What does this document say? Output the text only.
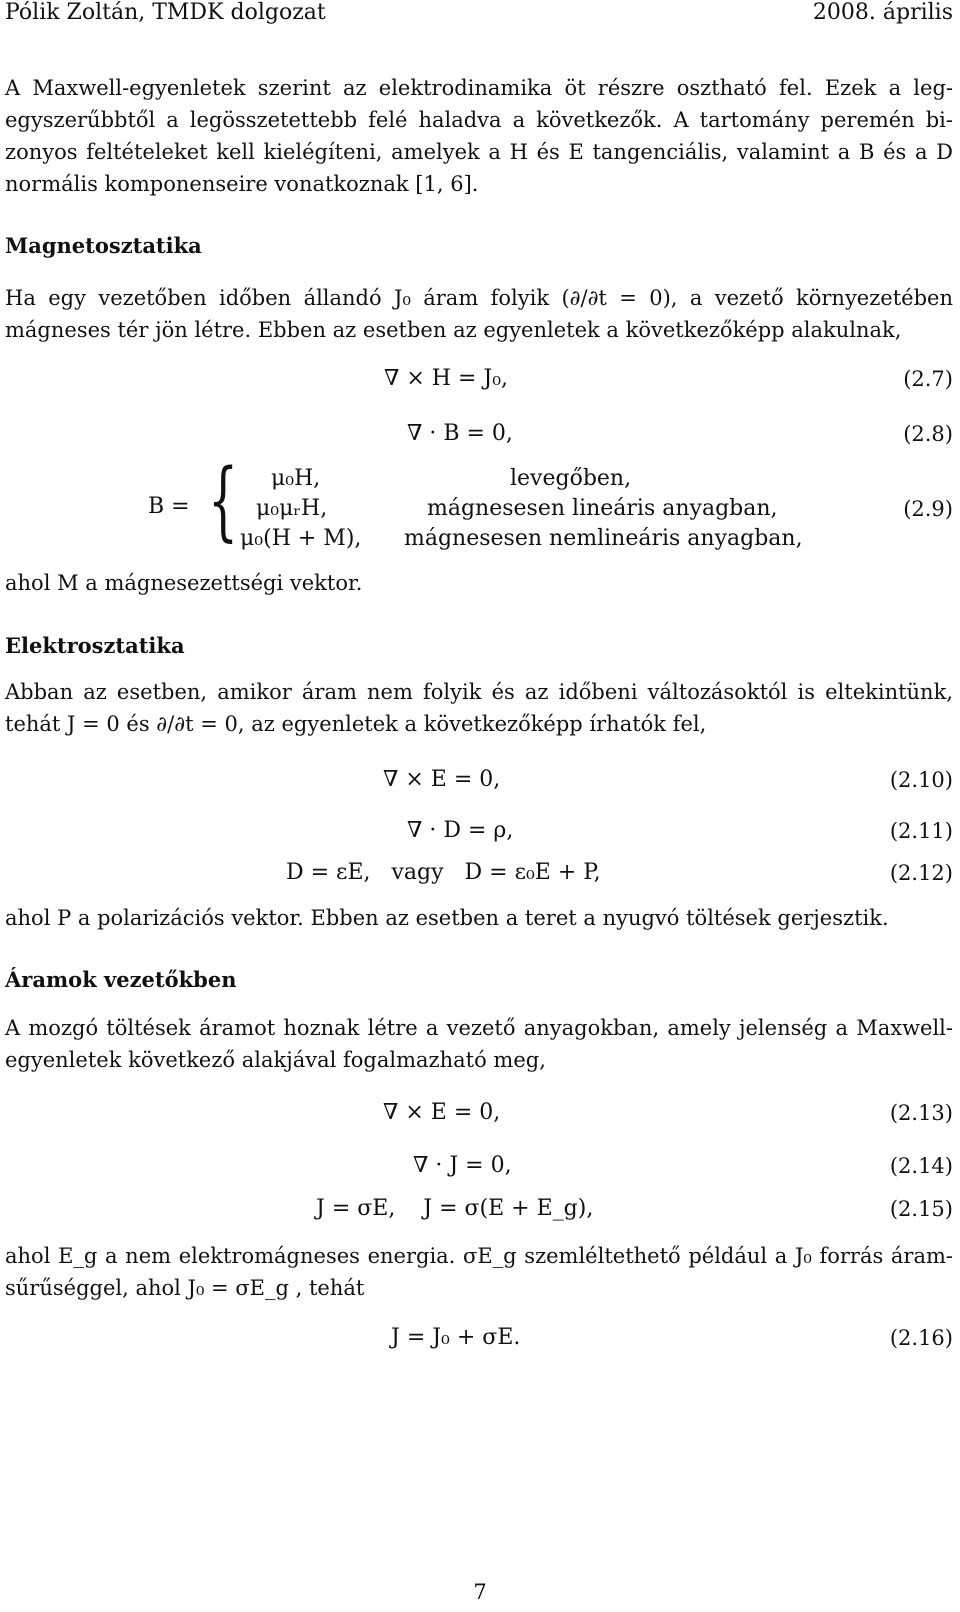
Pólik Zoltán, TMDK dolgozat	2008. április
A Maxwell-egyenletek szerint az elektrodinamika öt részre osztható fel. Ezek a leg-
egyszerűbbtől a legösszetettebb felé haladva a következők. A tartomány peremén bi-
zonyos feltételeket kell kielégíteni, amelyek a H és E tangenciális, valamint a B és a D
normális komponenseire vonatkoznak [1, 6].
Magnetosztatika
Ha egy vezetőben időben állandó J₀ áram folyik (∂/∂t = 0), a vezető környezetében
mágneses tér jön létre. Ebben az esetben az egyenletek a következőképp alakulnak,
∇ × H = J₀,	(2.7)
∇ · B = 0,	(2.8)
B = { μ₀H,	levegőben,
μ₀μᵣH,	mágnesesen lineáris anyagban,
μ₀(H + M), mágnesesen nemlineáris anyagban,
(2.9)
ahol M a mágnesezettségi vektor.
Elektrosztatika
Abban az esetben, amikor áram nem folyik és az időbeni változásoktól is eltekintünk,
tehát J = 0 és ∂/∂t = 0, az egyenletek a következőképp írhatók fel,
∇ × E = 0,	(2.10)
∇ · D = ρ,	(2.11)
D = εE,   vagy   D = ε₀E + P,	(2.12)
ahol P a polarizációs vektor. Ebben az esetben a teret a nyugvó töltések gerjesztik.
Áramok vezetőkben
A mozgó töltések áramot hoznak létre a vezető anyagokban, amely jelenség a Maxwell-
egyenletek következő alakjával fogalmazható meg,
∇ × E = 0,	(2.13)
∇ · J = 0,	(2.14)
J = σE,    J = σ(E + E_g),	(2.15)
ahol E_g a nem elektromágneses energia. σE_g szemléltethető például a J₀ forrás áram-
sűrűséggel, ahol J₀ = σE_g , tehát
J = J₀ + σE.	(2.16)
7
